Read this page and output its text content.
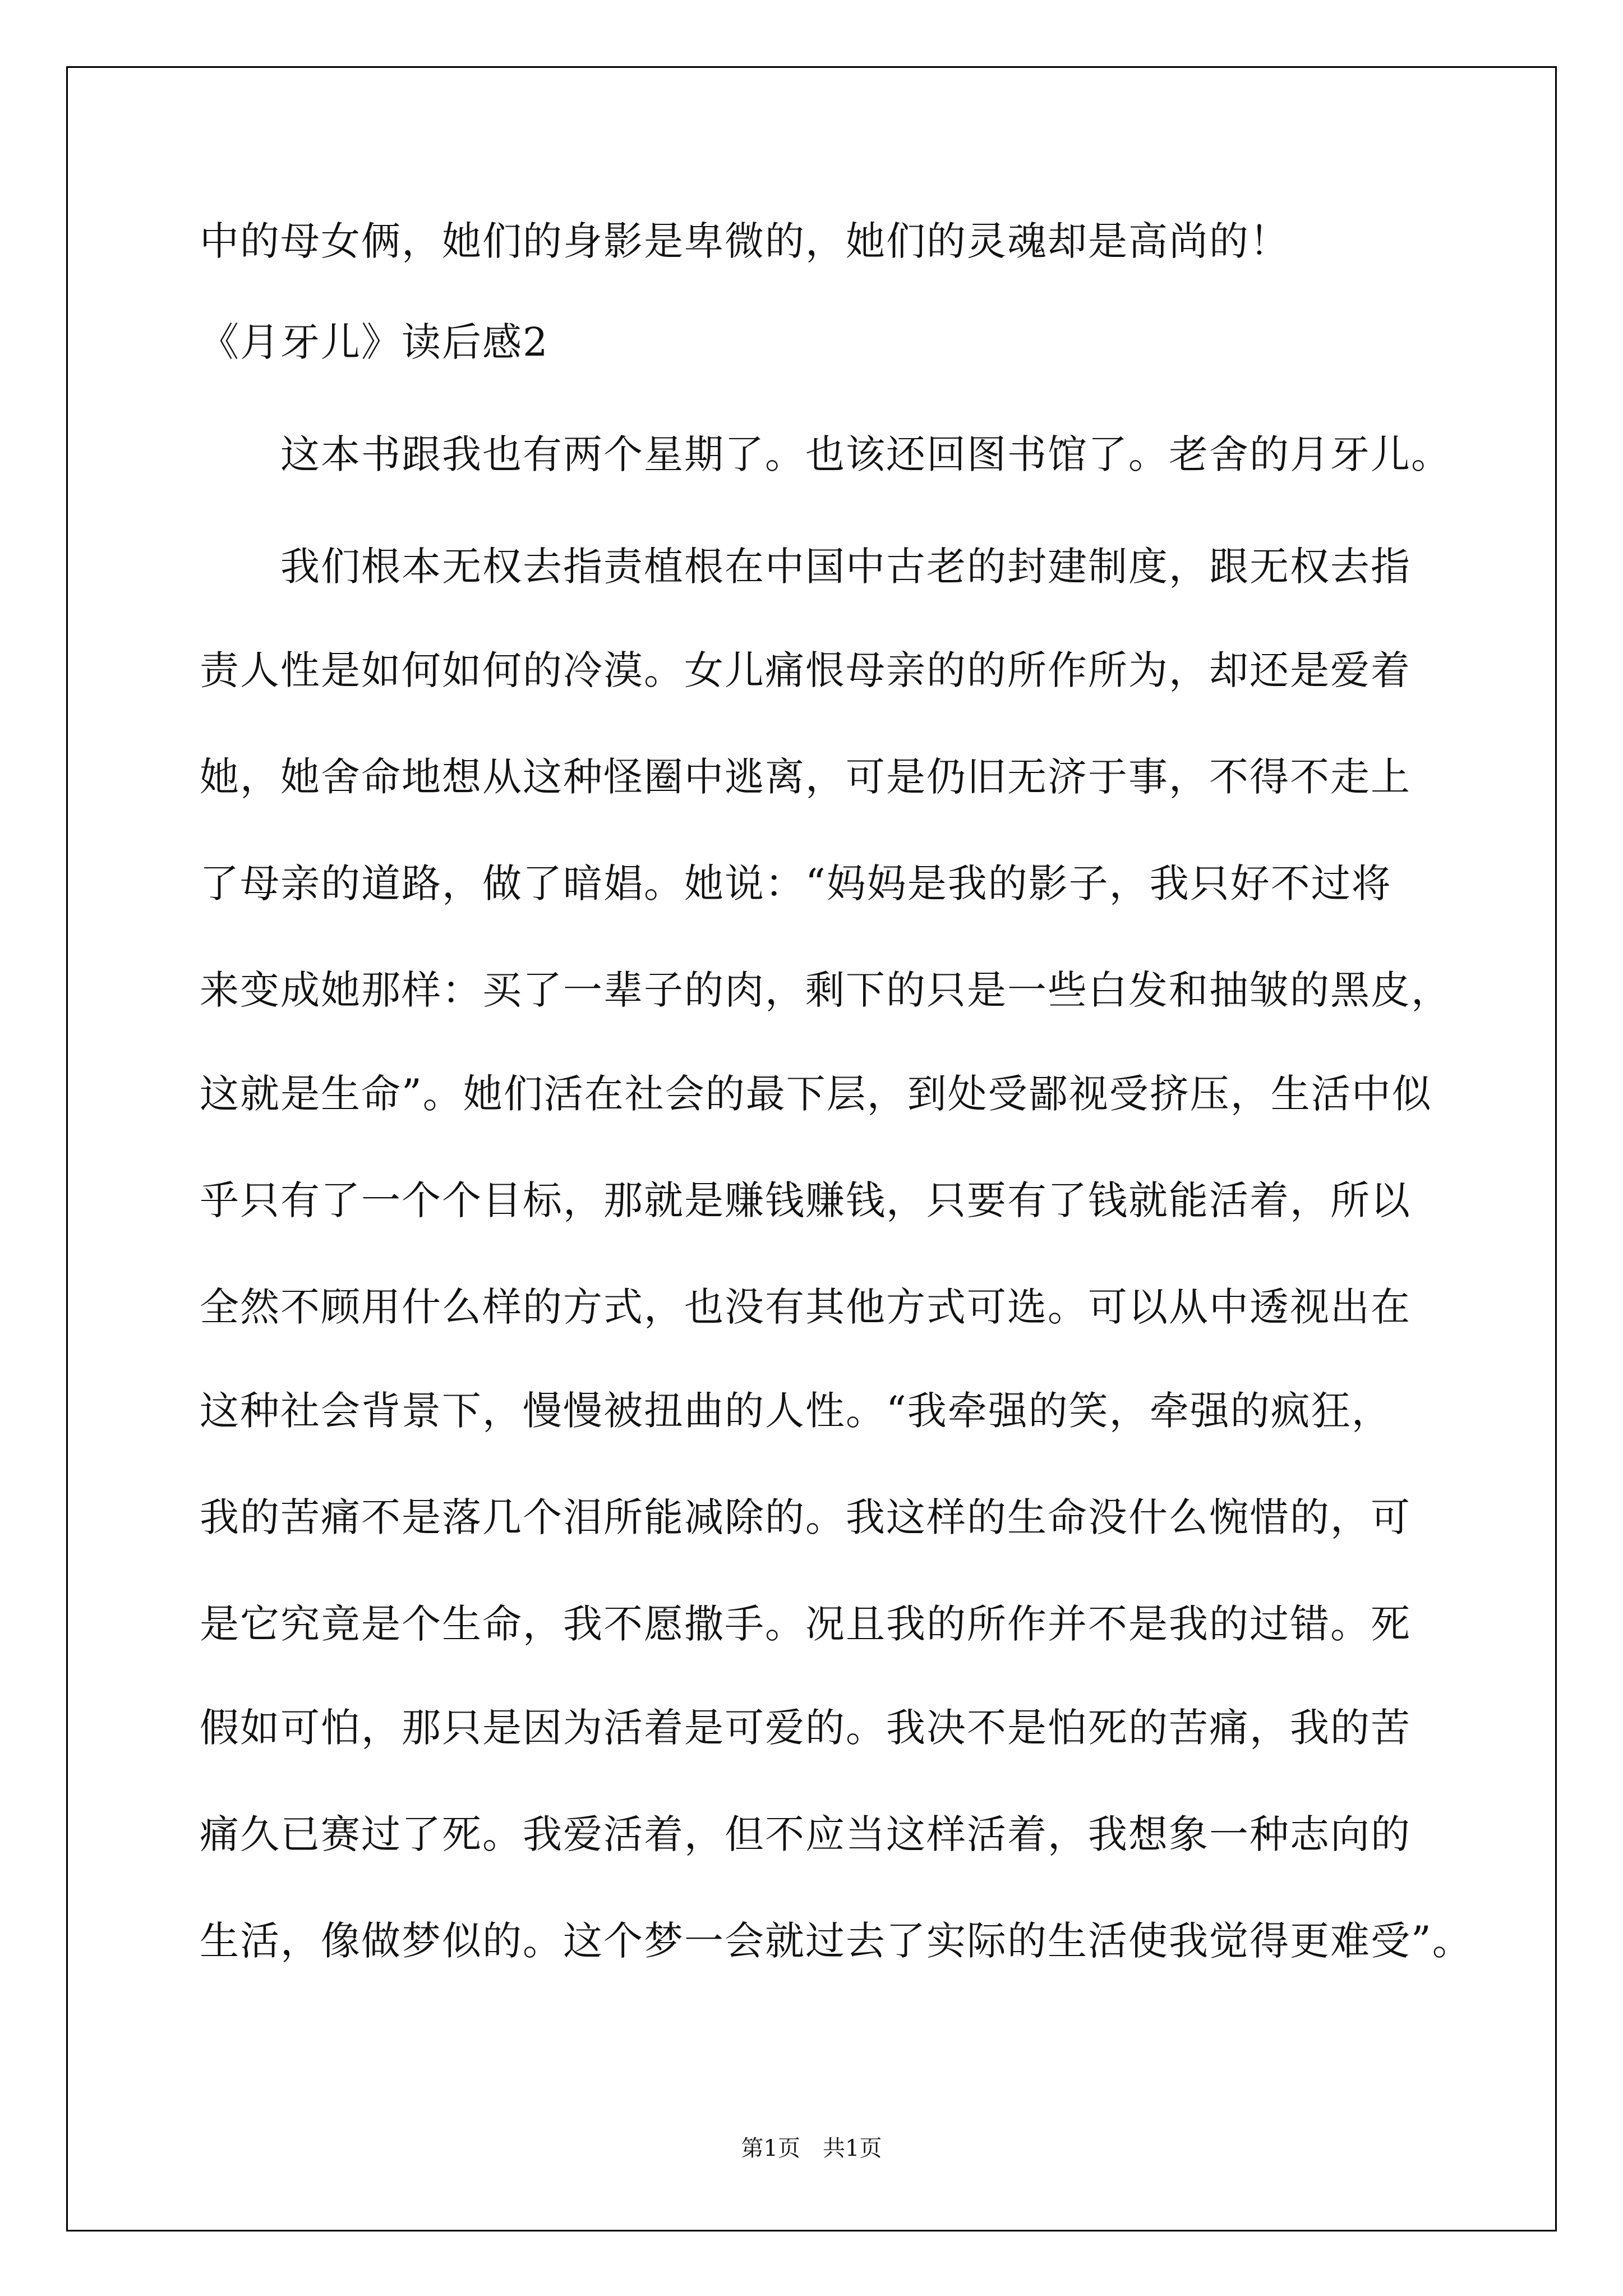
中的母女俩，她们的身影是卑微的，她们的灵魂却是高尚的！
《月牙儿》读后感2
　　这本书跟我也有两个星期了。也该还回图书馆了。老舍的月牙儿。
　　我们根本无权去指责植根在中国中古老的封建制度，跟无权去指
责人性是如何如何的冷漠。女儿痛恨母亲的的所作所为，却还是爱着
她，她舍命地想从这种怪圈中逃离，可是仍旧无济于事，不得不走上
了母亲的道路，做了暗娼。她说：“妈妈是我的影子，我只好不过将
来变成她那样：买了一辈子的肉，剩下的只是一些白发和抽皱的黑皮，
这就是生命”。她们活在社会的最下层，到处受鄙视受挤压，生活中似
乎只有了一个个目标，那就是赚钱赚钱，只要有了钱就能活着，所以
全然不顾用什么样的方式，也没有其他方式可选。可以从中透视出在
这种社会背景下，慢慢被扭曲的人性。“我牵强的笑，牵强的疯狂，
我的苦痛不是落几个泪所能减除的。我这样的生命没什么惋惜的，可
是它究竟是个生命，我不愿撒手。况且我的所作并不是我的过错。死
假如可怕，那只是因为活着是可爱的。我决不是怕死的苦痛，我的苦
痛久已赛过了死。我爱活着，但不应当这样活着，我想象一种志向的
生活，像做梦似的。这个梦一会就过去了实际的生活使我觉得更难受”。
第1页 共1页
